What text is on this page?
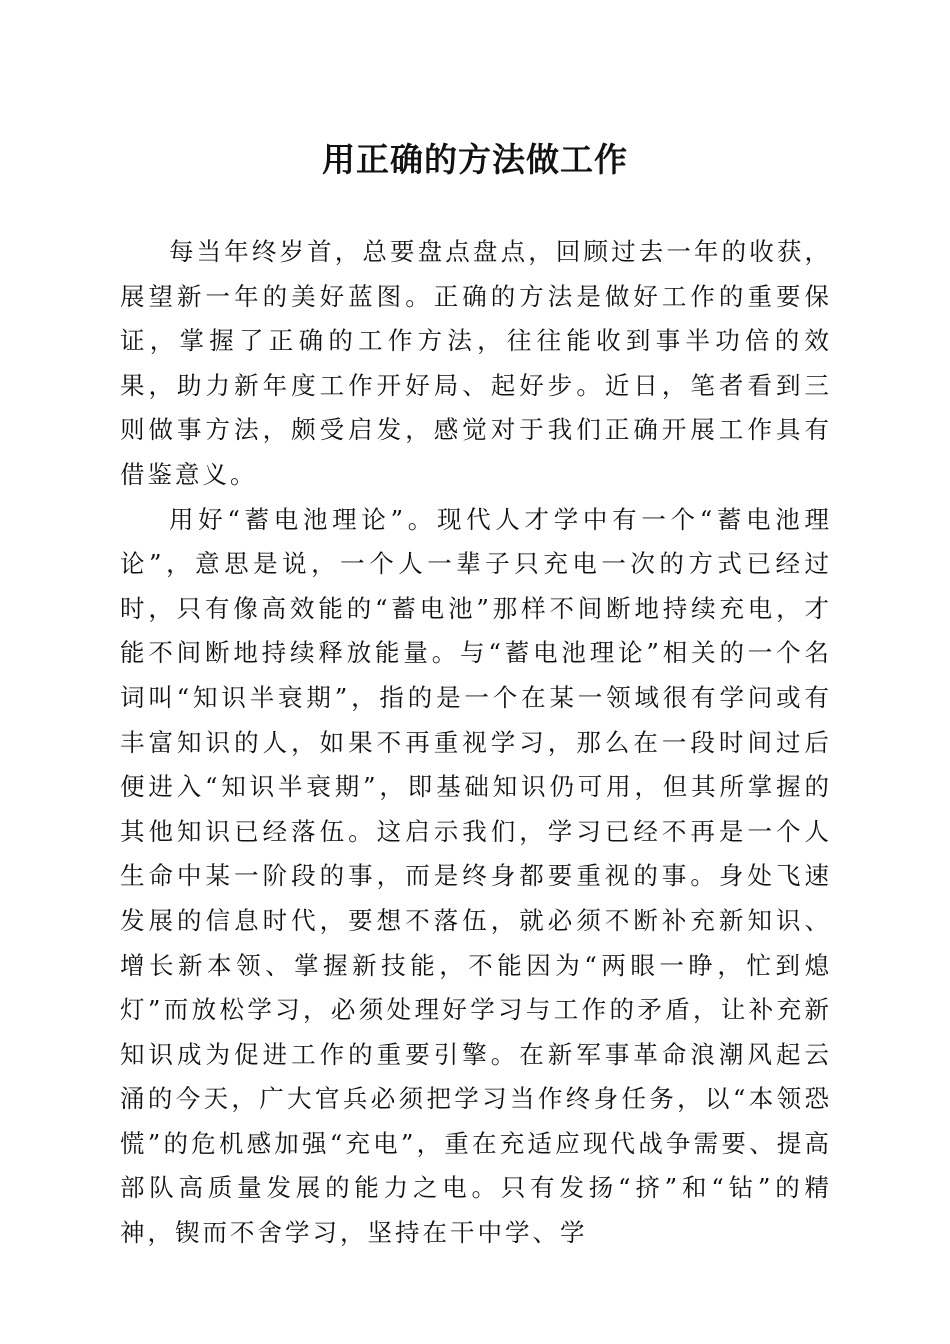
用正确的方法做工作

每当年终岁首，总要盘点盘点，回顾过去一年的收获，展望新一年的美好蓝图。正确的方法是做好工作的重要保证，掌握了正确的工作方法，往往能收到事半功倍的效果，助力新年度工作开好局、起好步。近日，笔者看到三则做事方法，颇受启发，感觉对于我们正确开展工作具有借鉴意义。

用好“蓄电池理论”。现代人才学中有一个“蓄电池理论”，意思是说，一个人一辈子只充电一次的方式已经过时，只有像高效能的“蓄电池”那样不间断地持续充电，才能不间断地持续释放能量。与“蓄电池理论”相关的一个名词叫“知识半衰期”，指的是一个在某一领域很有学问或有丰富知识的人，如果不再重视学习，那么在一段时间过后便进入“知识半衰期”，即基础知识仍可用，但其所掌握的其他知识已经落伍。这启示我们，学习已经不再是一个人生命中某一阶段的事，而是终身都要重视的事。身处飞速发展的信息时代，要想不落伍，就必须不断补充新知识、增长新本领、掌握新技能，不能因为“两眼一睁，忙到熄灯”而放松学习，必须处理好学习与工作的矛盾，让补充新知识成为促进工作的重要引擎。在新军事革命浪潮风起云涌的今天，广大官兵必须把学习当作终身任务，以“本领恐慌”的危机感加强“充电”，重在充适应现代战争需要、提高部队高质量发展的能力之电。只有发扬“挤”和“钻”的精神，锲而不舍学习，坚持在干中学、学
